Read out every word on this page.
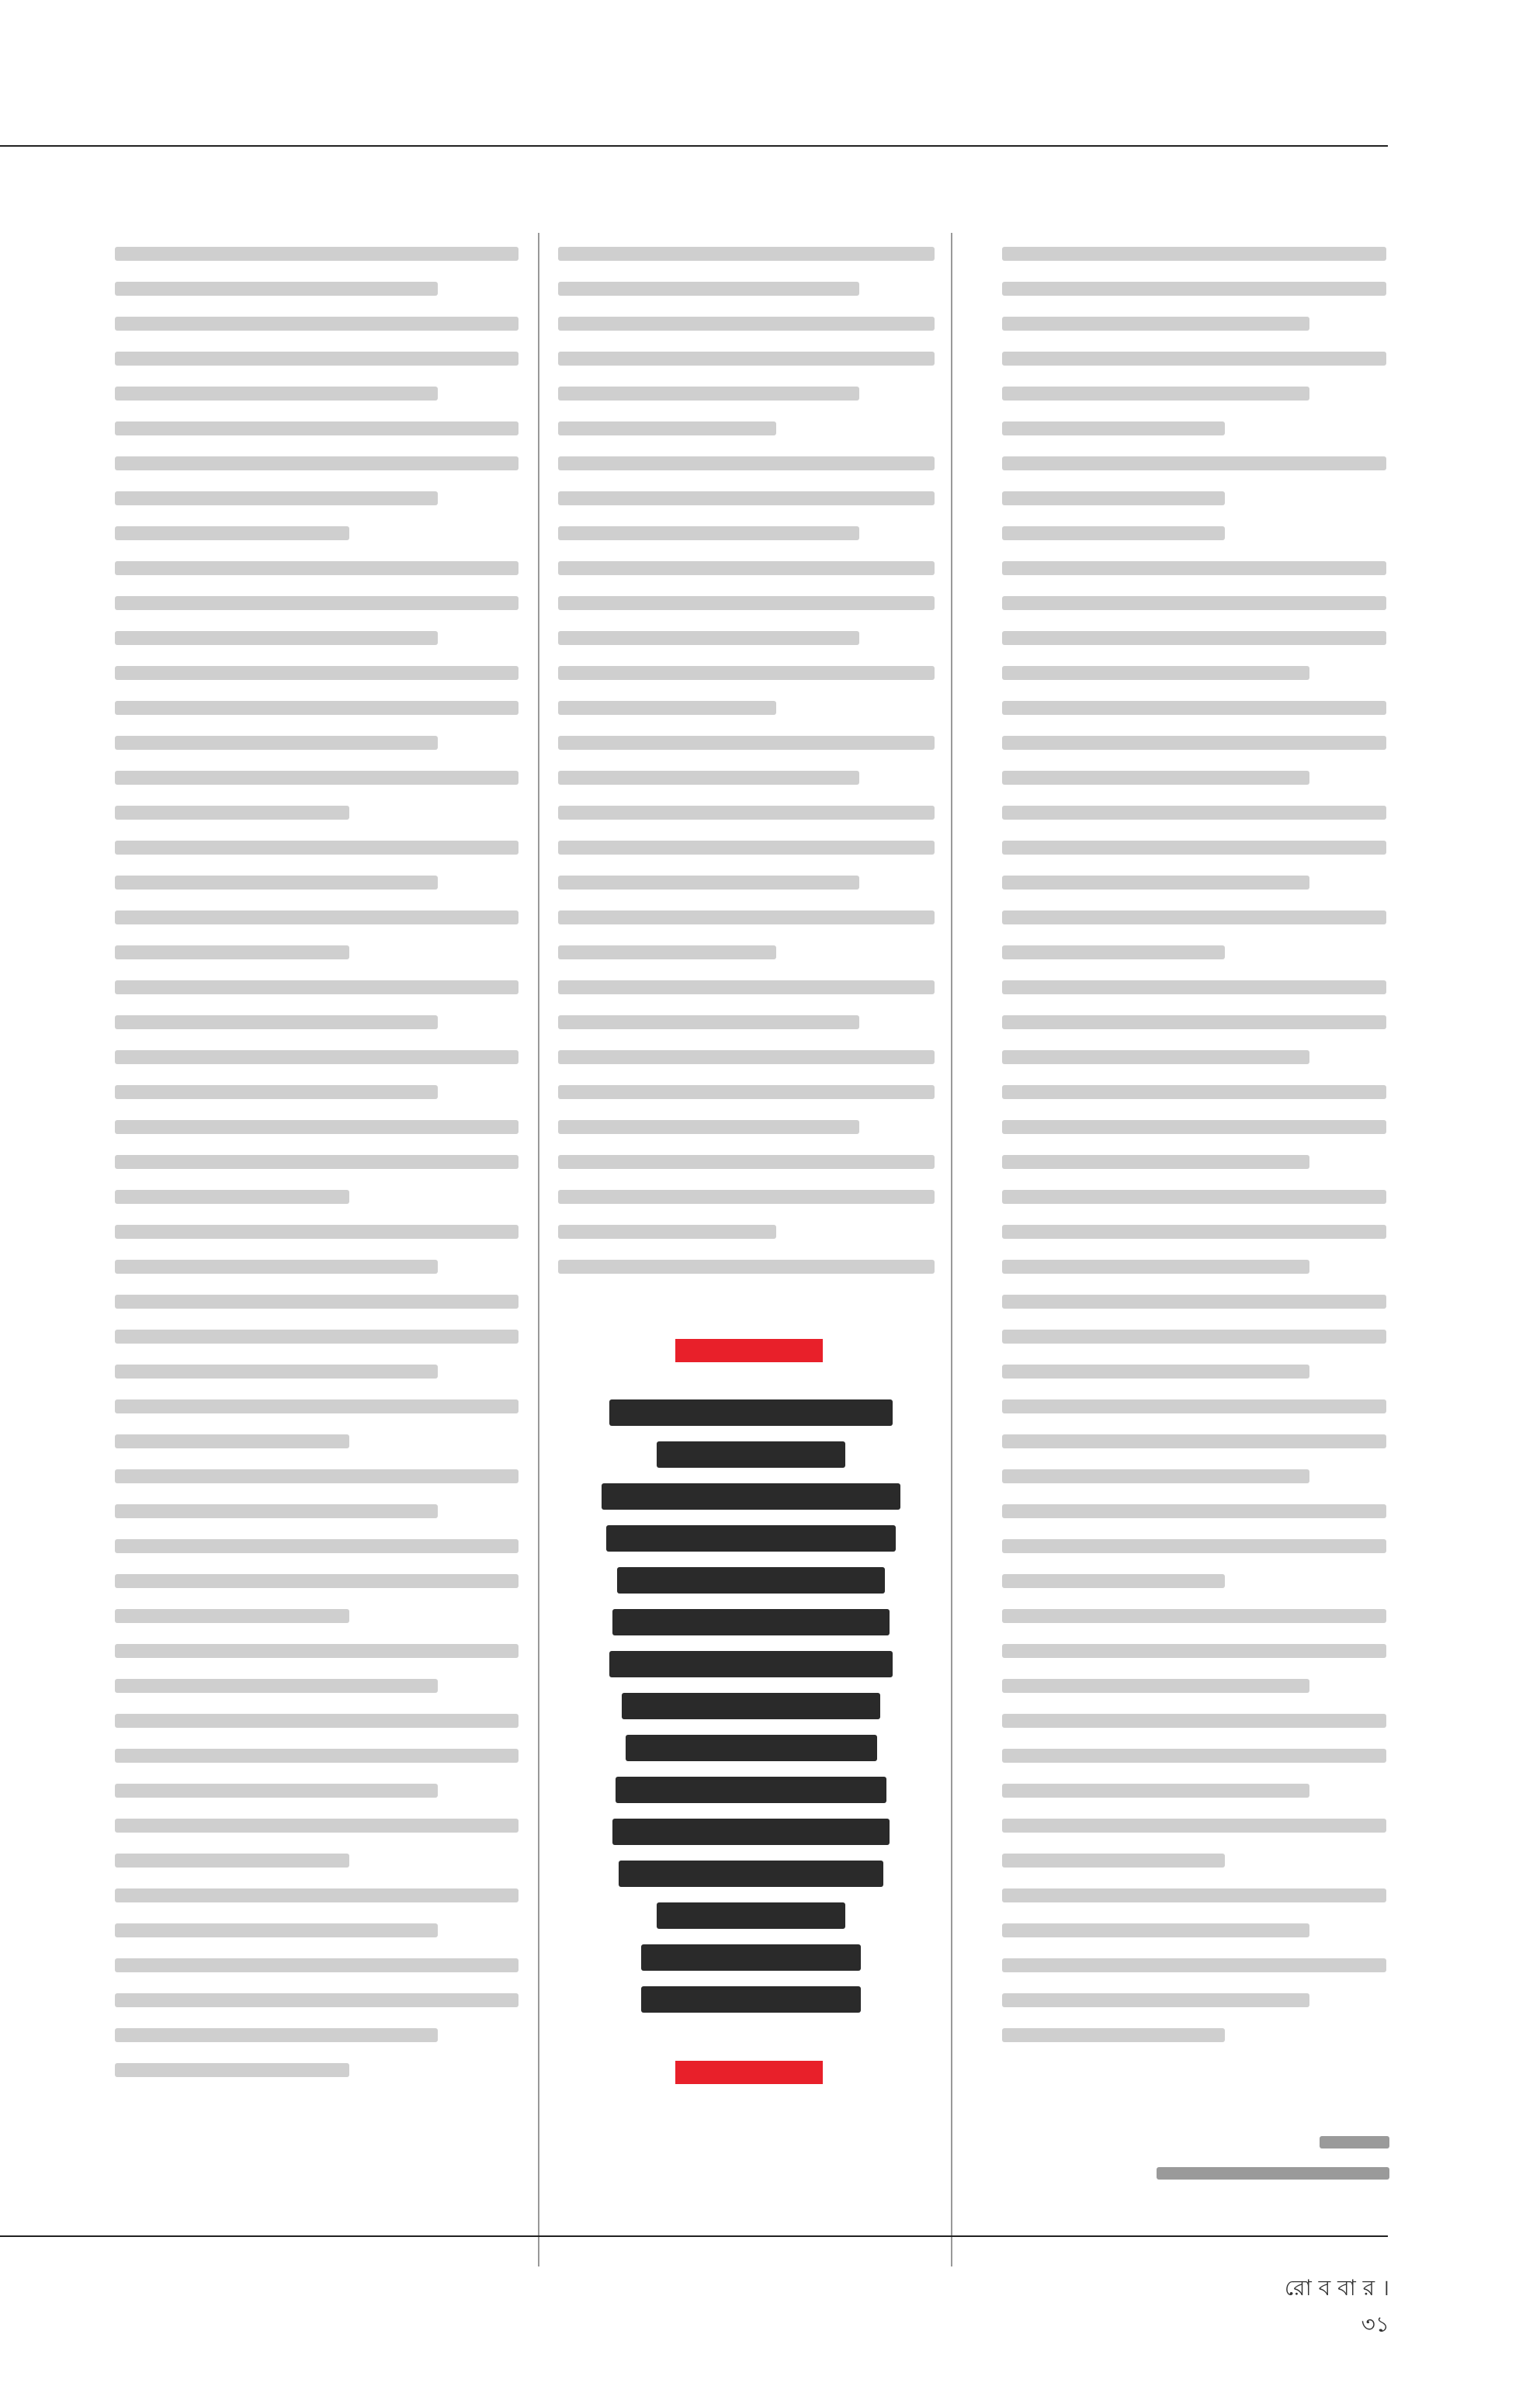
রো ব বা র । ৩১
